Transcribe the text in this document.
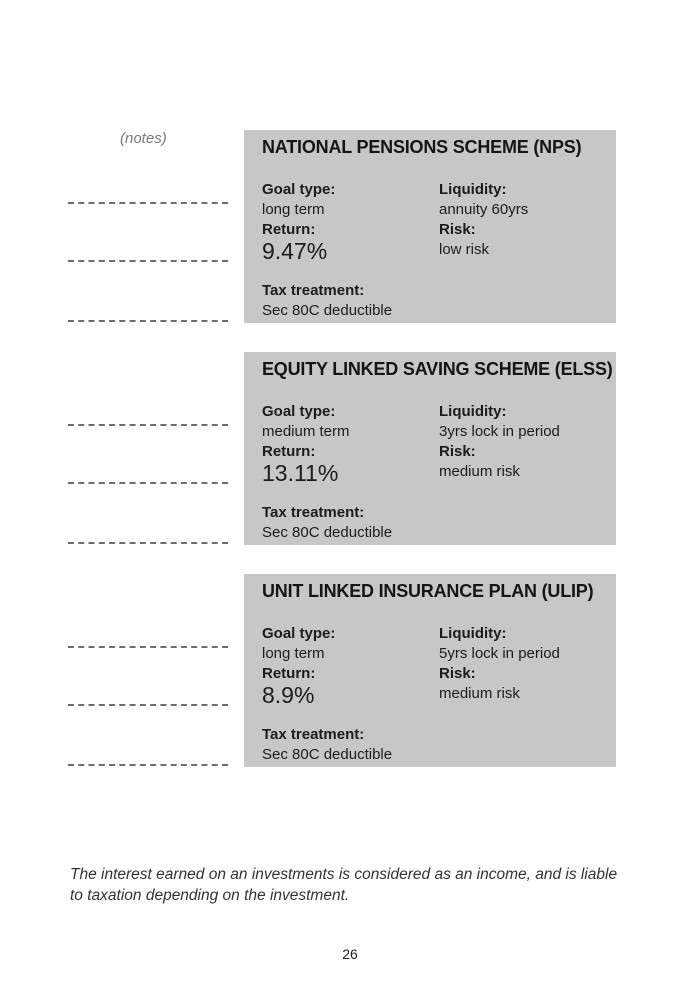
(notes)	NATIONAL PENSIONS SCHEME (NPS)
Goal type:
long term
Return:
9.47%
Tax treatment:
Sec 80C deductible
Liquidity:
annuity 60yrs
Risk:
low risk
EQUITY LINKED SAVING SCHEME (ELSS)
Goal type:
medium term
Return:
13.11%
Tax treatment:
Sec 80C deductible
Liquidity:
3yrs lock in period
Risk:
medium risk
UNIT LINKED INSURANCE PLAN (ULIP)
Goal type:
long term
Return:
8.9%
Tax treatment:
Sec 80C deductible
Liquidity:
5yrs lock in period
Risk:
medium risk
The interest earned on an investments is considered as an income, and is liable to taxation depending on the investment.
26
